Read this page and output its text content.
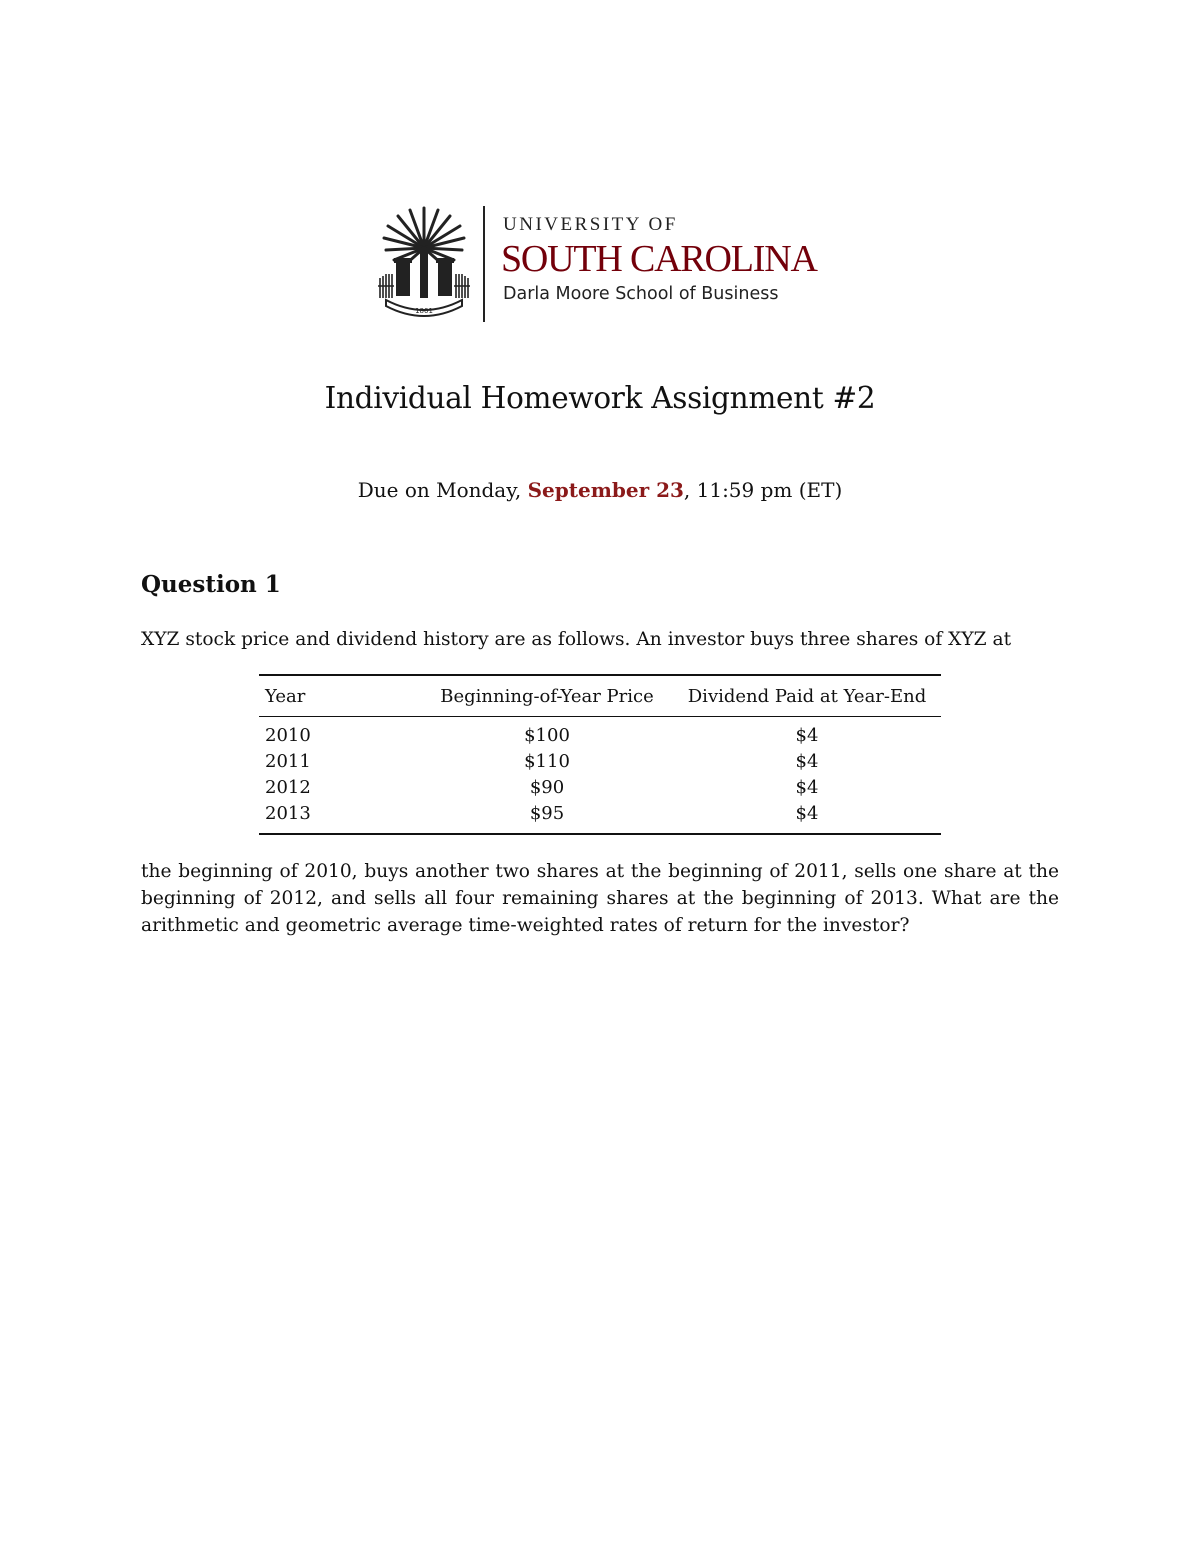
1801
UNIVERSITY OF
SOUTH CAROLINA
Darla Moore School of Business
Individual Homework Assignment #2
Due on Monday, September 23, 11:59 pm (ET)
Question 1

XYZ stock price and dividend history are as follows. An investor buys three shares of XYZ at

Year	Beginning-of-Year Price	Dividend Paid at Year-End
2010	$100	$4
2011	$110	$4
2012	$90	$4
2013	$95	$4

the beginning of 2010, buys another two shares at the beginning of 2011, sells one share at the beginning of 2012, and sells all four remaining shares at the beginning of 2013. What are the arithmetic and geometric average time-weighted rates of return for the investor?
